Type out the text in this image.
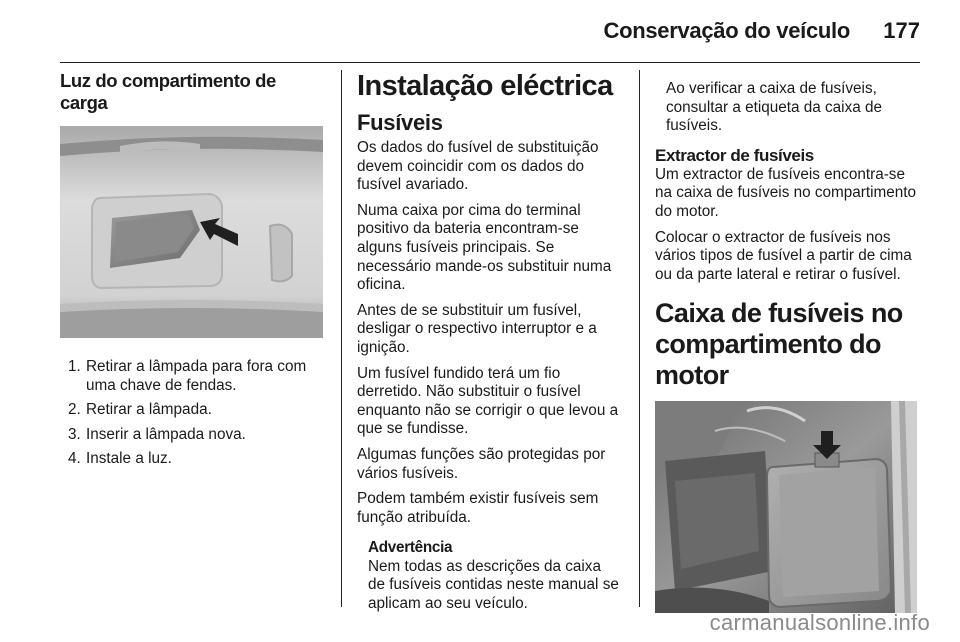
Conservação do veículo 177
Luz do compartimento de carga
1. Retirar a lâmpada para fora com uma chave de fendas.
2. Retirar a lâmpada.
3. Inserir a lâmpada nova.
4. Instale a luz.
Instalação eléctrica
Fusíveis

Os dados do fusível de substituição devem coincidir com os dados do fusível avariado.

Numa caixa por cima do terminal positivo da bateria encontram-se alguns fusíveis principais. Se necessário mande-os substituir numa oficina.

Antes de se substituir um fusível, desligar o respectivo interruptor e a ignição.

Um fusível fundido terá um fio derretido. Não substituir o fusível enquanto não se corrigir o que levou a que se fundisse.

Algumas funções são protegidas por vários fusíveis.

Podem também existir fusíveis sem função atribuída.

Advertência

Nem todas as descrições da caixa de fusíveis contidas neste manual se aplicam ao seu veículo.

Ao verificar a caixa de fusíveis, consultar a etiqueta da caixa de fusíveis.

Extractor de fusíveis

Um extractor de fusíveis encontra-se na caixa de fusíveis no compartimento do motor.

Colocar o extractor de fusíveis nos vários tipos de fusível a partir de cima ou da parte lateral e retirar o fusível.

Caixa de fusíveis no compartimento do motor
carmanualsonline.info
